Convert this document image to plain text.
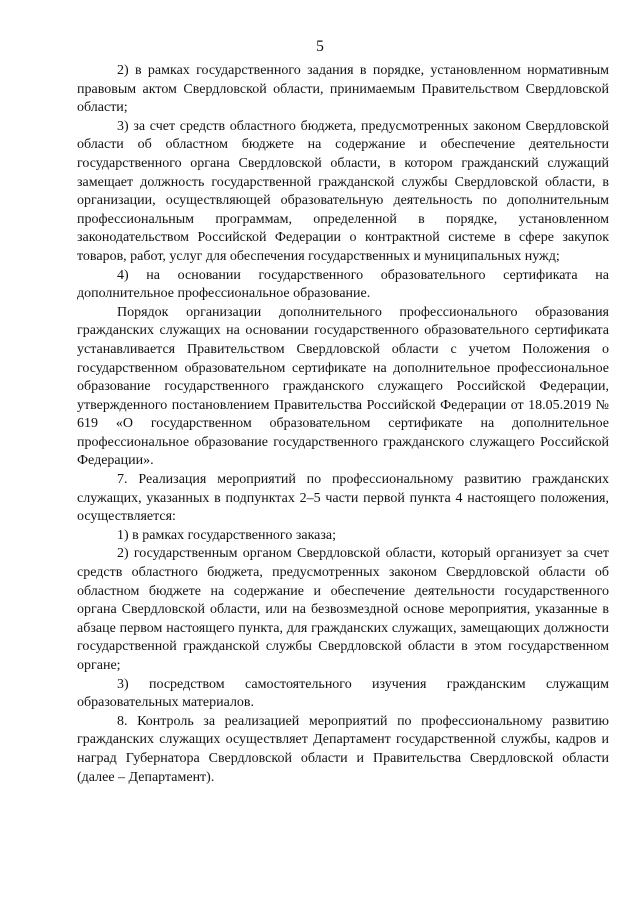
5

2) в рамках государственного задания в порядке, установленном нормативным правовым актом Свердловской области, принимаемым Правительством Свердловской области;

3) за счет средств областного бюджета, предусмотренных законом Свердловской области об областном бюджете на содержание и обеспечение деятельности государственного органа Свердловской области, в котором гражданский служащий замещает должность государственной гражданской службы Свердловской области, в организации, осуществляющей образовательную деятельность по дополнительным профессиональным программам, определенной в порядке, установленном законодательством Российской Федерации о контрактной системе в сфере закупок товаров, работ, услуг для обеспечения государственных и муниципальных нужд;

4) на основании государственного образовательного сертификата на дополнительное профессиональное образование.

Порядок организации дополнительного профессионального образования гражданских служащих на основании государственного образовательного сертификата устанавливается Правительством Свердловской области с учетом Положения о государственном образовательном сертификате на дополнительное профессиональное образование государственного гражданского служащего Российской Федерации, утвержденного постановлением Правительства Российской Федерации от 18.05.2019 № 619 «О государственном образовательном сертификате на дополнительное профессиональное образование государственного гражданского служащего Российской Федерации».

7. Реализация мероприятий по профессиональному развитию гражданских служащих, указанных в подпунктах 2–5 части первой пункта 4 настоящего положения, осуществляется:

1) в рамках государственного заказа;

2) государственным органом Свердловской области, который организует за счет средств областного бюджета, предусмотренных законом Свердловской области об областном бюджете на содержание и обеспечение деятельности государственного органа Свердловской области, или на безвозмездной основе мероприятия, указанные в абзаце первом настоящего пункта, для гражданских служащих, замещающих должности государственной гражданской службы Свердловской области в этом государственном органе;

3) посредством самостоятельного изучения гражданским служащим образовательных материалов.

8. Контроль за реализацией мероприятий по профессиональному развитию гражданских служащих осуществляет Департамент государственной службы, кадров и наград Губернатора Свердловской области и Правительства Свердловской области (далее – Департамент).
